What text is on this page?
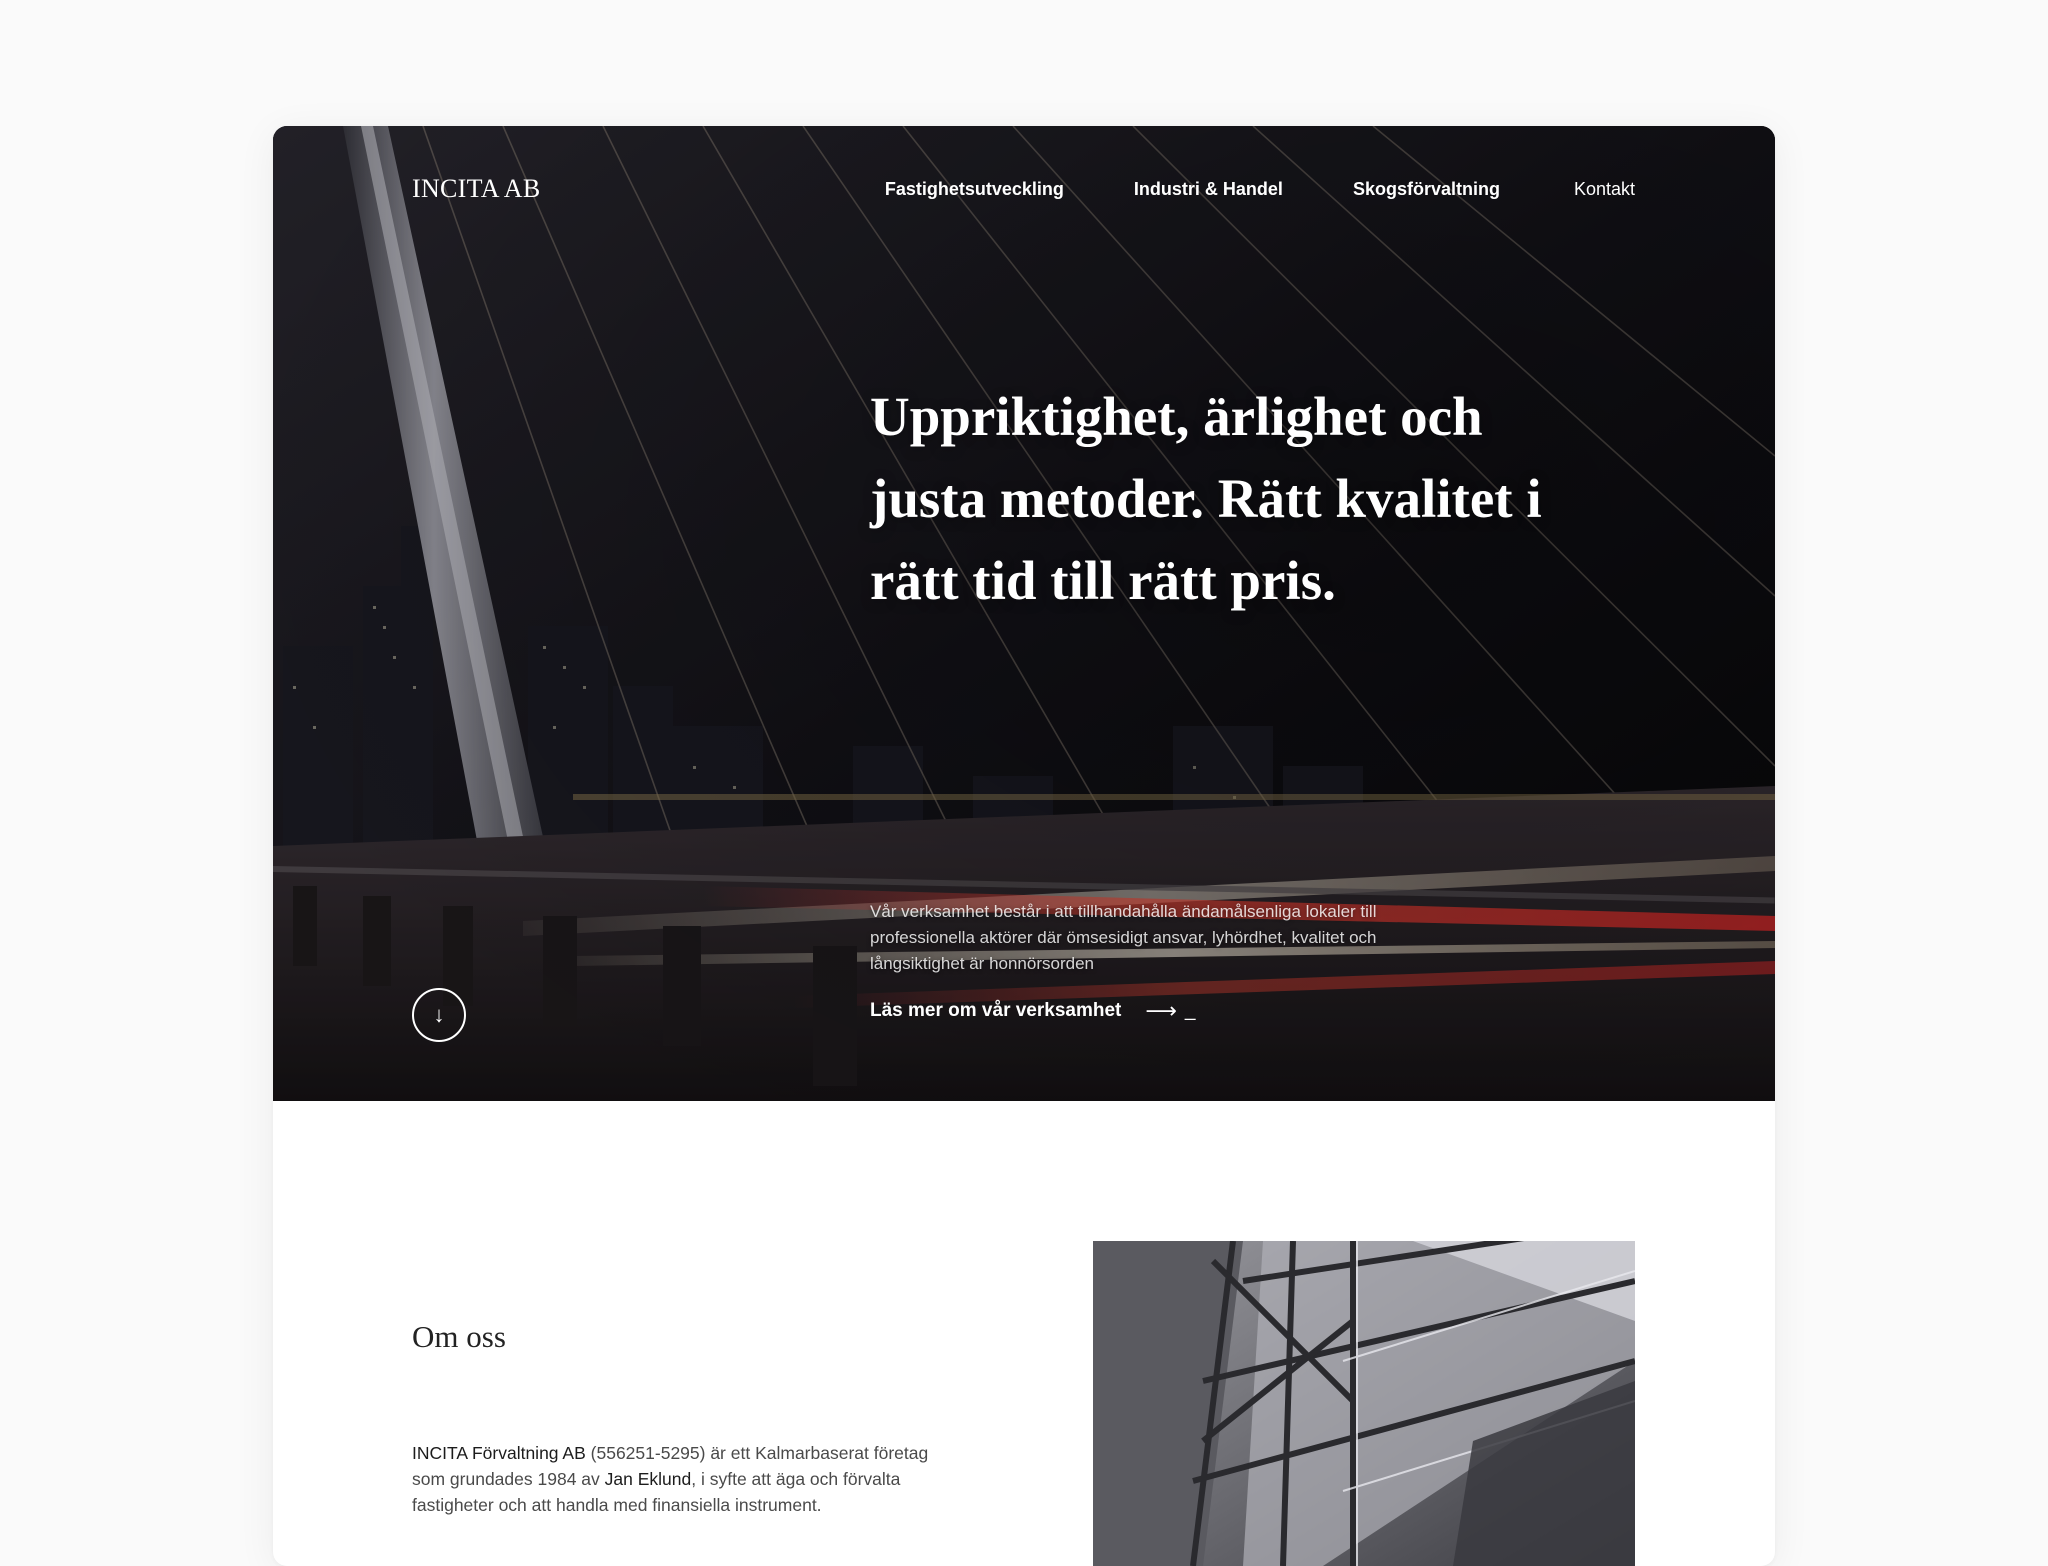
INCITA AB	Fastighetsutveckling	Industri & Handel	Skogsförvaltning	Kontakt
Uppriktighet, ärlighet och
justa metoder. Rätt kvalitet i
rätt tid till rätt pris.

Vår verksamhet består i att tillhandahålla ändamålsenliga lokaler till professionella aktörer där ömsesidigt ansvar, lyhördhet, kvalitet och långsiktighet är honnörsorden

Läs mer om vår verksamhet ⟶ _
↓
Om oss

INCITA Förvaltning AB (556251-5295) är ett Kalmarbaserat företag som grundades 1984 av Jan Eklund, i syfte att äga och förvalta fastigheter och att handla med finansiella instrument.
